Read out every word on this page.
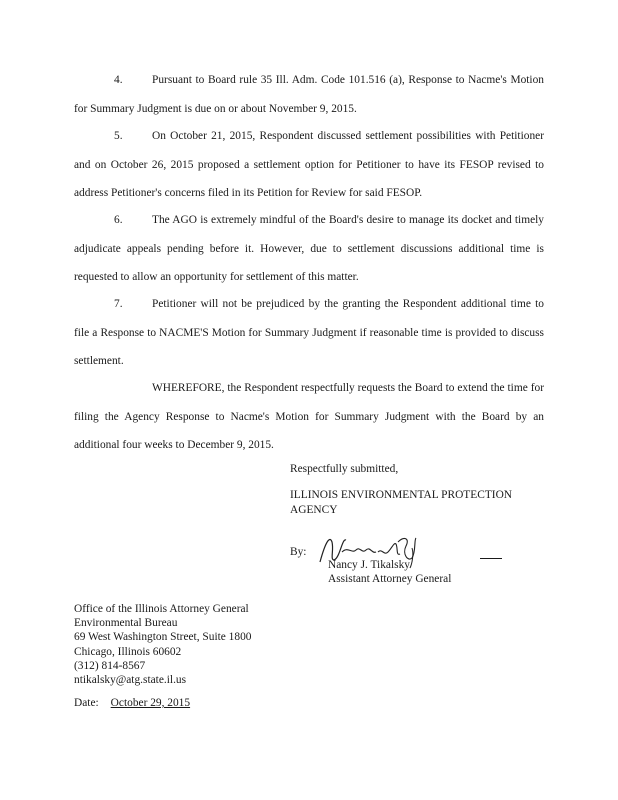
4.	Pursuant to Board rule 35 Ill. Adm. Code 101.516 (a), Response to Nacme's Motion for Summary Judgment is due on or about November 9, 2015.

5.	On October 21, 2015, Respondent discussed settlement possibilities with Petitioner and on October 26, 2015 proposed a settlement option for Petitioner to have its FESOP revised to address Petitioner's concerns filed in its Petition for Review for said FESOP.

6.	The AGO is extremely mindful of the Board's desire to manage its docket and timely adjudicate appeals pending before it. However, due to settlement discussions additional time is requested to allow an opportunity for settlement of this matter.

7.	Petitioner will not be prejudiced by the granting the Respondent additional time to file a Response to NACME'S Motion for Summary Judgment if reasonable time is provided to discuss settlement.

WHEREFORE, the Respondent respectfully requests the Board to extend the time for filing the Agency Response to Nacme's Motion for Summary Judgment with the Board by an additional four weeks to December 9, 2015.

Respectfully submitted,

ILLINOIS ENVIRONMENTAL PROTECTION
AGENCY
By:
Nancy J. Tikalsky
Assistant Attorney General
Office of the Illinois Attorney General
Environmental Bureau
69 West Washington Street, Suite 1800
Chicago, Illinois 60602
(312) 814-8567
ntikalsky@atg.state.il.us
Date: October 29, 2015
